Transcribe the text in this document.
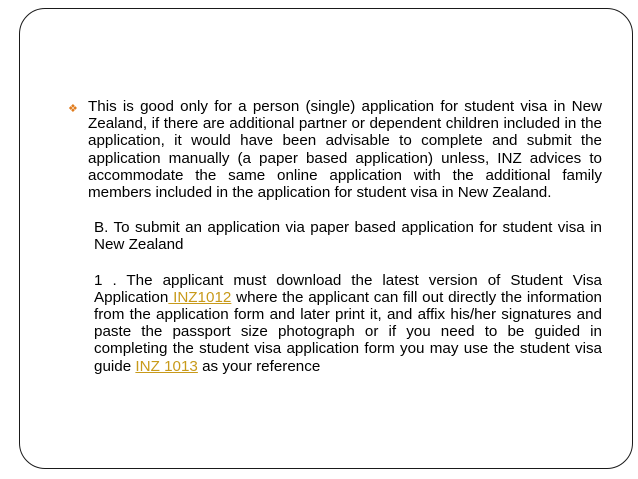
❖ This is good only for a person (single) application for student visa in New Zealand, if there are additional partner or dependent children included in the application, it would have been advisable to complete and submit the application manually (a paper based application) unless, INZ advices to accommodate the same online application with the additional family members included in the application for student visa in New Zealand.

B. To submit an application via paper based application for student visa in New Zealand

1 . The applicant must download the latest version of Student Visa Application INZ1012 where the applicant can fill out directly the information from the application form and later print it, and affix his/her signatures and paste the passport size photograph or if you need to be guided in completing the student visa application form you may use the student visa guide INZ 1013 as your reference
